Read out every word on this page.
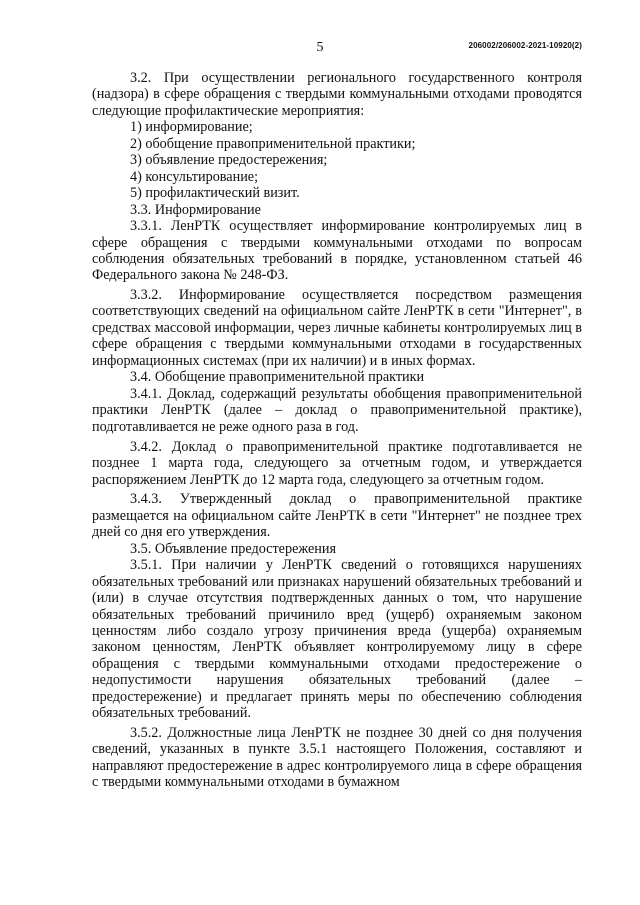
5	206002/206002-2021-10920(2)

3.2. При осуществлении регионального государственного контроля (надзора) в сфере обращения с твердыми коммунальными отходами проводятся следующие профилактические мероприятия:

1) информирование;

2) обобщение правоприменительной практики;

3) объявление предостережения;

4) консультирование;

5) профилактический визит.

3.3. Информирование

3.3.1. ЛенРТК осуществляет информирование контролируемых лиц в сфере обращения с твердыми коммунальными отходами по вопросам соблюдения обязательных требований в порядке, установленном статьей 46 Федерального закона № 248-ФЗ.

3.3.2. Информирование осуществляется посредством размещения соответствующих сведений на официальном сайте ЛенРТК в сети "Интернет", в средствах массовой информации, через личные кабинеты контролируемых лиц в сфере обращения с твердыми коммунальными отходами в государственных информационных системах (при их наличии) и в иных формах.

3.4. Обобщение правоприменительной практики

3.4.1. Доклад, содержащий результаты обобщения правоприменительной практики ЛенРТК (далее – доклад о правоприменительной практике), подготавливается не реже одного раза в год.

3.4.2. Доклад о правоприменительной практике подготавливается не позднее 1 марта года, следующего за отчетным годом, и утверждается распоряжением ЛенРТК до 12 марта года, следующего за отчетным годом.

3.4.3. Утвержденный доклад о правоприменительной практике размещается на официальном сайте ЛенРТК в сети "Интернет" не позднее трех дней со дня его утверждения.

3.5. Объявление предостережения

3.5.1. При наличии у ЛенРТК сведений о готовящихся нарушениях обязательных требований или признаках нарушений обязательных требований и (или) в случае отсутствия подтвержденных данных о том, что нарушение обязательных требований причинило вред (ущерб) охраняемым законом ценностям либо создало угрозу причинения вреда (ущерба) охраняемым законом ценностям, ЛенРТК объявляет контролируемому лицу в сфере обращения с твердыми коммунальными отходами предостережение о недопустимости нарушения обязательных требований (далее – предостережение) и предлагает принять меры по обеспечению соблюдения обязательных требований.

3.5.2. Должностные лица ЛенРТК не позднее 30 дней со дня получения сведений, указанных в пункте 3.5.1 настоящего Положения, составляют и направляют предостережение в адрес контролируемого лица в сфере обращения с твердыми коммунальными отходами в бумажном
